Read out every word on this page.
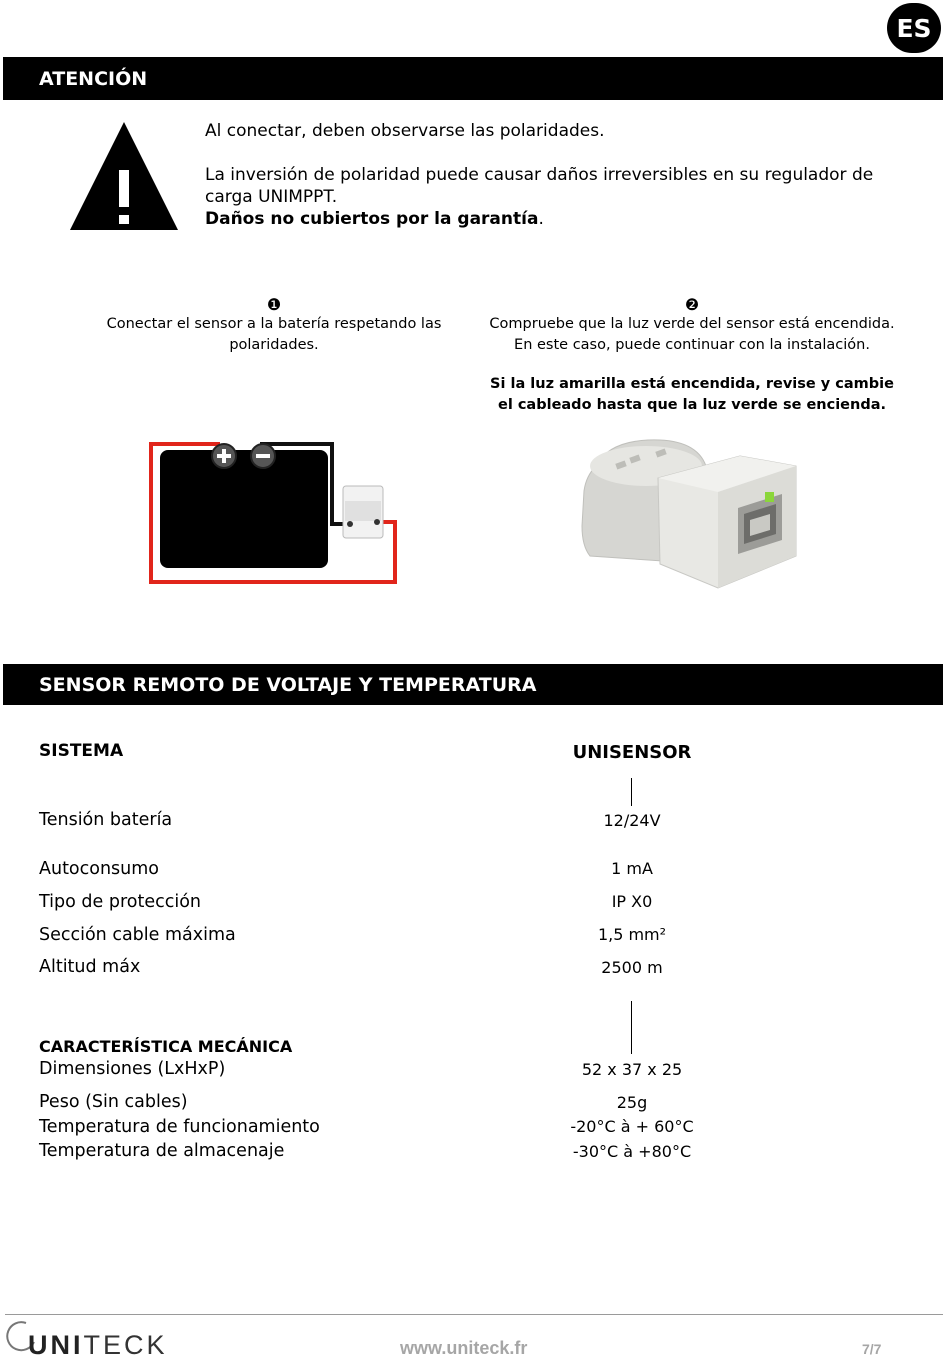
ES
ATENCIÓN
Al conectar, deben observarse las polaridades.
La inversión de polaridad puede causar daños irreversibles en su regulador de carga UNIMPPT.
Daños no cubiertos por la garantía.
❶
Conectar el sensor a la batería respetando las polaridades.
❷
Compruebe que la luz verde del sensor está encendida. En este caso, puede continuar con la instalación.
Si la luz amarilla está encendida, revise y cambie el cableado hasta que la luz verde se encienda.
SENSOR REMOTO DE VOLTAJE Y TEMPERATURA
SISTEMA	UNISENSOR
Tensión batería	12/24V
Autoconsumo	1 mA
Tipo de protección	IP X0
Sección cable máxima	1,5 mm²
Altitud máx	2500 m
CARACTERÍSTICA MECÁNICA
Dimensiones (LxHxP)	52 x 37 x 25
Peso (Sin cables)	25g
Temperatura de funcionamiento	-20°C à + 60°C
Temperatura de almacenaje	-30°C à +80°C
UNITECK	www.uniteck.fr	7/7
